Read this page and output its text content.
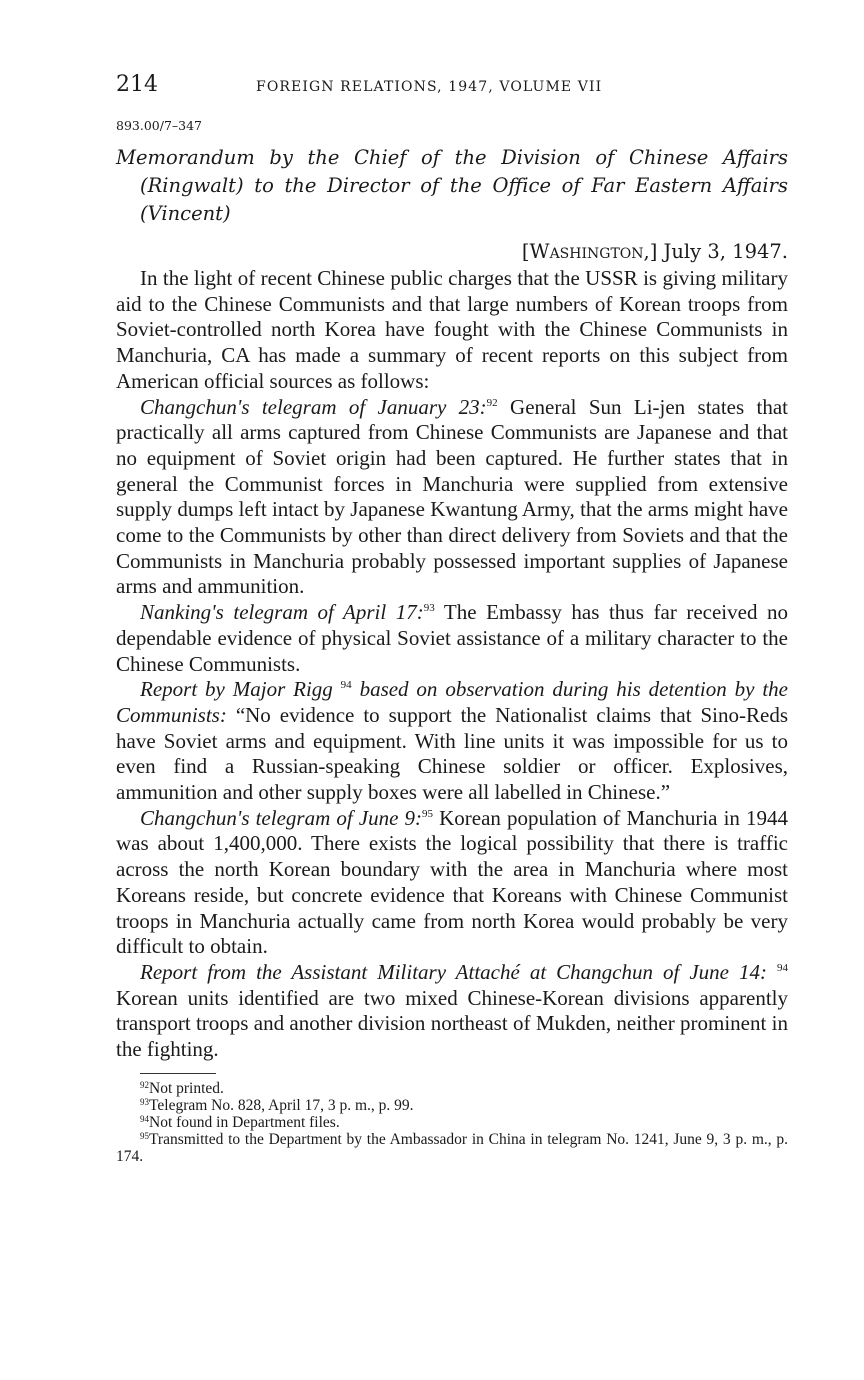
214	FOREIGN RELATIONS, 1947, VOLUME VII
893.00/7–347
Memorandum by the Chief of the Division of Chinese Affairs (Ringwalt) to the Director of the Office of Far Eastern Affairs (Vincent)
[Washington,] July 3, 1947.

In the light of recent Chinese public charges that the USSR is giving military aid to the Chinese Communists and that large numbers of Korean troops from Soviet-controlled north Korea have fought with the Chinese Communists in Manchuria, CA has made a summary of recent reports on this subject from American official sources as follows:

Changchun's telegram of January 23:$^{92}$ General Sun Li-jen states that practically all arms captured from Chinese Communists are Japanese and that no equipment of Soviet origin had been captured. He further states that in general the Communist forces in Manchuria were supplied from extensive supply dumps left intact by Japanese Kwantung Army, that the arms might have come to the Communists by other than direct delivery from Soviets and that the Communists in Manchuria probably possessed important supplies of Japanese arms and ammunition.

Nanking's telegram of April 17:$^{93}$ The Embassy has thus far received no dependable evidence of physical Soviet assistance of a military character to the Chinese Communists.

Report by Major Rigg $^{94}$ based on observation during his detention by the Communists: “No evidence to support the Nationalist claims that Sino-Reds have Soviet arms and equipment. With line units it was impossible for us to even find a Russian-speaking Chinese soldier or officer. Explosives, ammunition and other supply boxes were all labelled in Chinese.”

Changchun's telegram of June 9:$^{95}$ Korean population of Manchuria in 1944 was about 1,400,000. There exists the logical possibility that there is traffic across the north Korean boundary with the area in Manchuria where most Koreans reside, but concrete evidence that Koreans with Chinese Communist troops in Manchuria actually came from north Korea would probably be very difficult to obtain.

Report from the Assistant Military Attaché at Changchun of June 14: $^{94}$ Korean units identified are two mixed Chinese-Korean divisions apparently transport troops and another division northeast of Mukden, neither prominent in the fighting.

$^{92}$Not printed.
$^{93}$Telegram No. 828, April 17, 3 p. m., p. 99.
$^{94}$Not found in Department files.
$^{95}$Transmitted to the Department by the Ambassador in China in telegram No. 1241, June 9, 3 p. m., p. 174.
